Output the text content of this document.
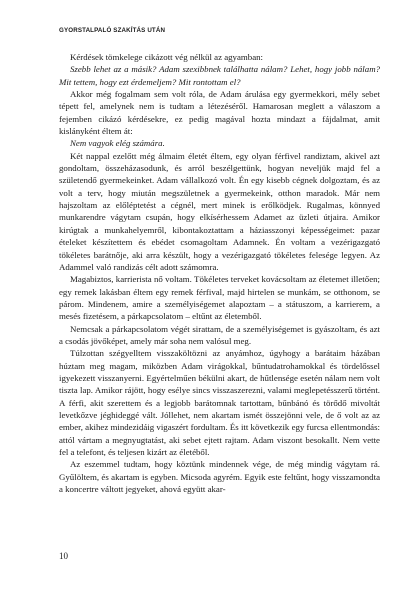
GYORSTALPALÓ SZAKÍTÁS UTÁN

Kérdések tömkelege cikázott vég nélkül az agyamban:

Szebb lehet az a másik? Adam szexibbnek találhatta nálam? Lehet, hogy jobb nálam? Mit tettem, hogy ezt érdemeljem? Mit rontottam el?

Akkor még fogalmam sem volt róla, de Adam árulása egy gyermekkori, mély sebet tépett fel, amelynek nem is tudtam a létezéséről. Hamarosan meglett a válaszom a fejemben cikázó kérdésekre, ez pedig magával hozta mindazt a fájdalmat, amit kislányként éltem át:

Nem vagyok elég számára.

Két nappal ezelőtt még álmaim életét éltem, egy olyan férfivel randiztam, akivel azt gondoltam, összeházasodunk, és arról beszélgettünk, hogyan neveljük majd fel a születendő gyermekeinket. Adam vállalkozó volt. Én egy kisebb cégnek dolgoztam, és az volt a terv, hogy miután megszületnek a gyermekeink, otthon maradok. Már nem hajszoltam az előléptetést a cégnél, mert minek is erőlködjek. Rugalmas, könnyed munkarendre vágytam csupán, hogy elkísérhessem Adamet az üzleti útjaira. Amikor kirúgtak a munkahelyemről, kibontakoztattam a háziasszonyi képességeimet: pazar ételeket készítettem és ebédet csomagoltam Adamnek. Én voltam a vezérigazgató tökéletes barátnője, aki arra készült, hogy a vezérigazgató tökéletes felesége legyen. Az Adammel való randizás célt adott számomra.

Magabiztos, karrierista nő voltam. Tökéletes terveket kovácsoltam az életemet illetően; egy remek lakásban éltem egy remek férfival, majd hirtelen se munkám, se otthonom, se párom. Mindenem, amire a személyiségemet alapoztam – a státuszom, a karrierem, a mesés fizetésem, a párkapcsolatom – eltűnt az életemből.

Nemcsak a párkapcsolatom végét sirattam, de a személyiségemet is gyászoltam, és azt a csodás jövőképet, amely már soha nem valósul meg.

Túlzottan szégyelltem visszaköltözni az anyámhoz, úgyhogy a barátaim házában húztam meg magam, miközben Adam virágokkal, bűntudatrohamokkal és tördelőssel igyekezett visszanyerni. Egyértelműen békülni akart, de hűtlensége esetén nálam nem volt tiszta lap. Amikor rájött, hogy esélye sincs visszaszerezni, valami meglepetésszerű történt. A férfi, akit szerettem és a legjobb barátomnak tartottam, bűnbánó és törődő mivoltát levetkőzve jéghideggé vált. Jóllehet, nem akartam ismét összejönni vele, de ő volt az az ember, akihez mindezidáig vigaszért fordultam. És itt következik egy furcsa ellentmondás: attól vártam a megnyugtatást, aki sebet ejtett rajtam. Adam viszont besokallt. Nem vette fel a telefont, és teljesen kizárt az életéből.

Az eszemmel tudtam, hogy köztünk mindennek vége, de még mindig vágytam rá. Gyűlöltem, és akartam is egyben. Micsoda agyrém. Egyik este feltűnt, hogy visszamondta a koncertre váltott jegyeket, ahová együtt akar-

10
